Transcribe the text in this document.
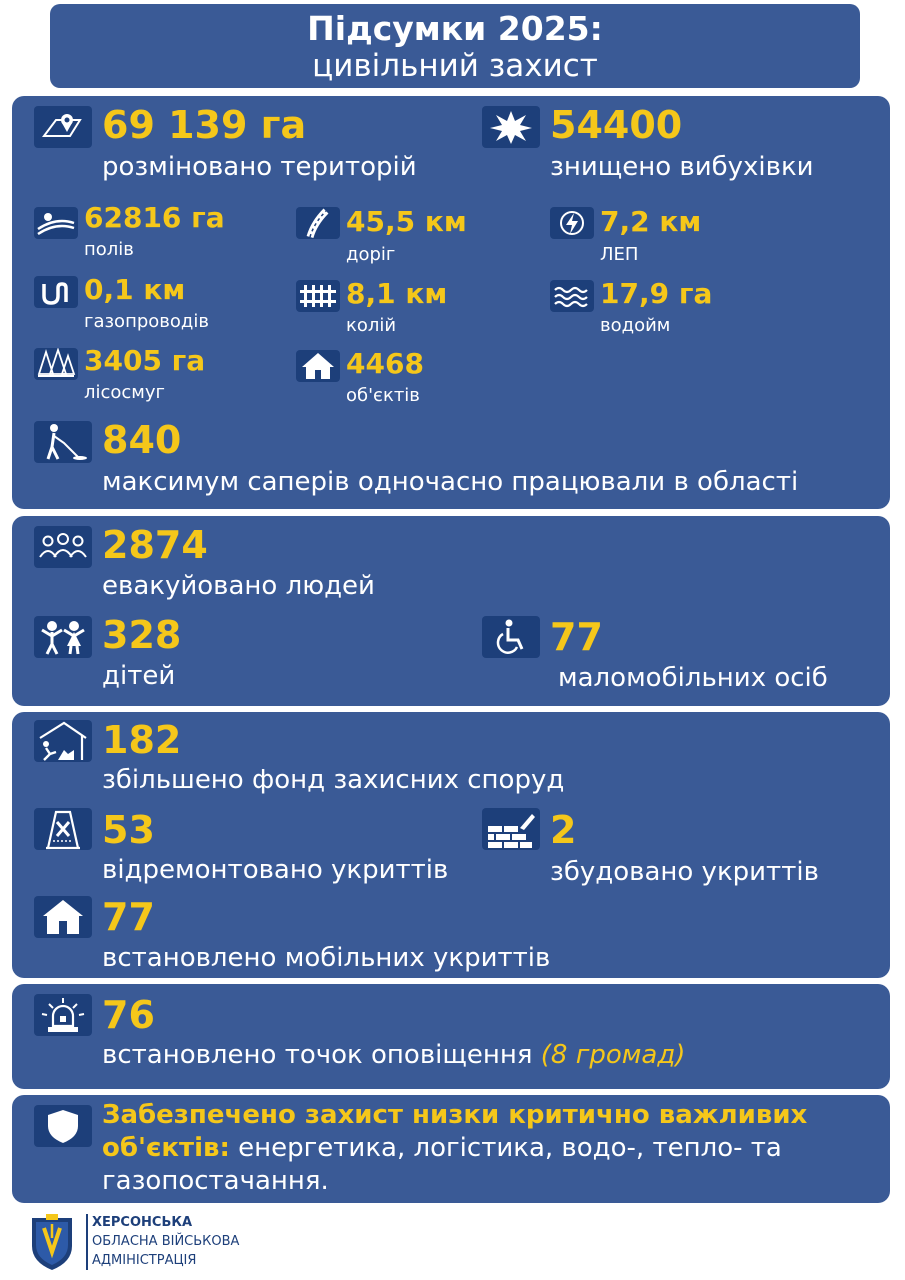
Підсумки 2025:
цивільний захист
69 139 га
розміновано територій
54400
знищено вибухівки
62816 га
полів
45,5 км
доріг
7,2 км
ЛЕП
0,1 км
газопроводів
8,1 км
колій
17,9 га
водойм
3405 га
лісосмуг
4468
об'єктів
840
максимум саперів одночасно працювали в області
2874
евакуйовано людей
328
дітей
77
маломобільних осіб
182
збільшено фонд захисних споруд
53
відремонтовано укриттів
2
збудовано укриттів
77
встановлено мобільних укриттів
76
встановлено точок оповіщення (8 громад)
Забезпечено захист низки критично важливих
об'єктів: енергетика, логістика, водо-, тепло- та
газопостачання.
ХЕРСОНСЬКА
ОБЛАСНА ВІЙСЬКОВА
АДМІНІСТРАЦІЯ
